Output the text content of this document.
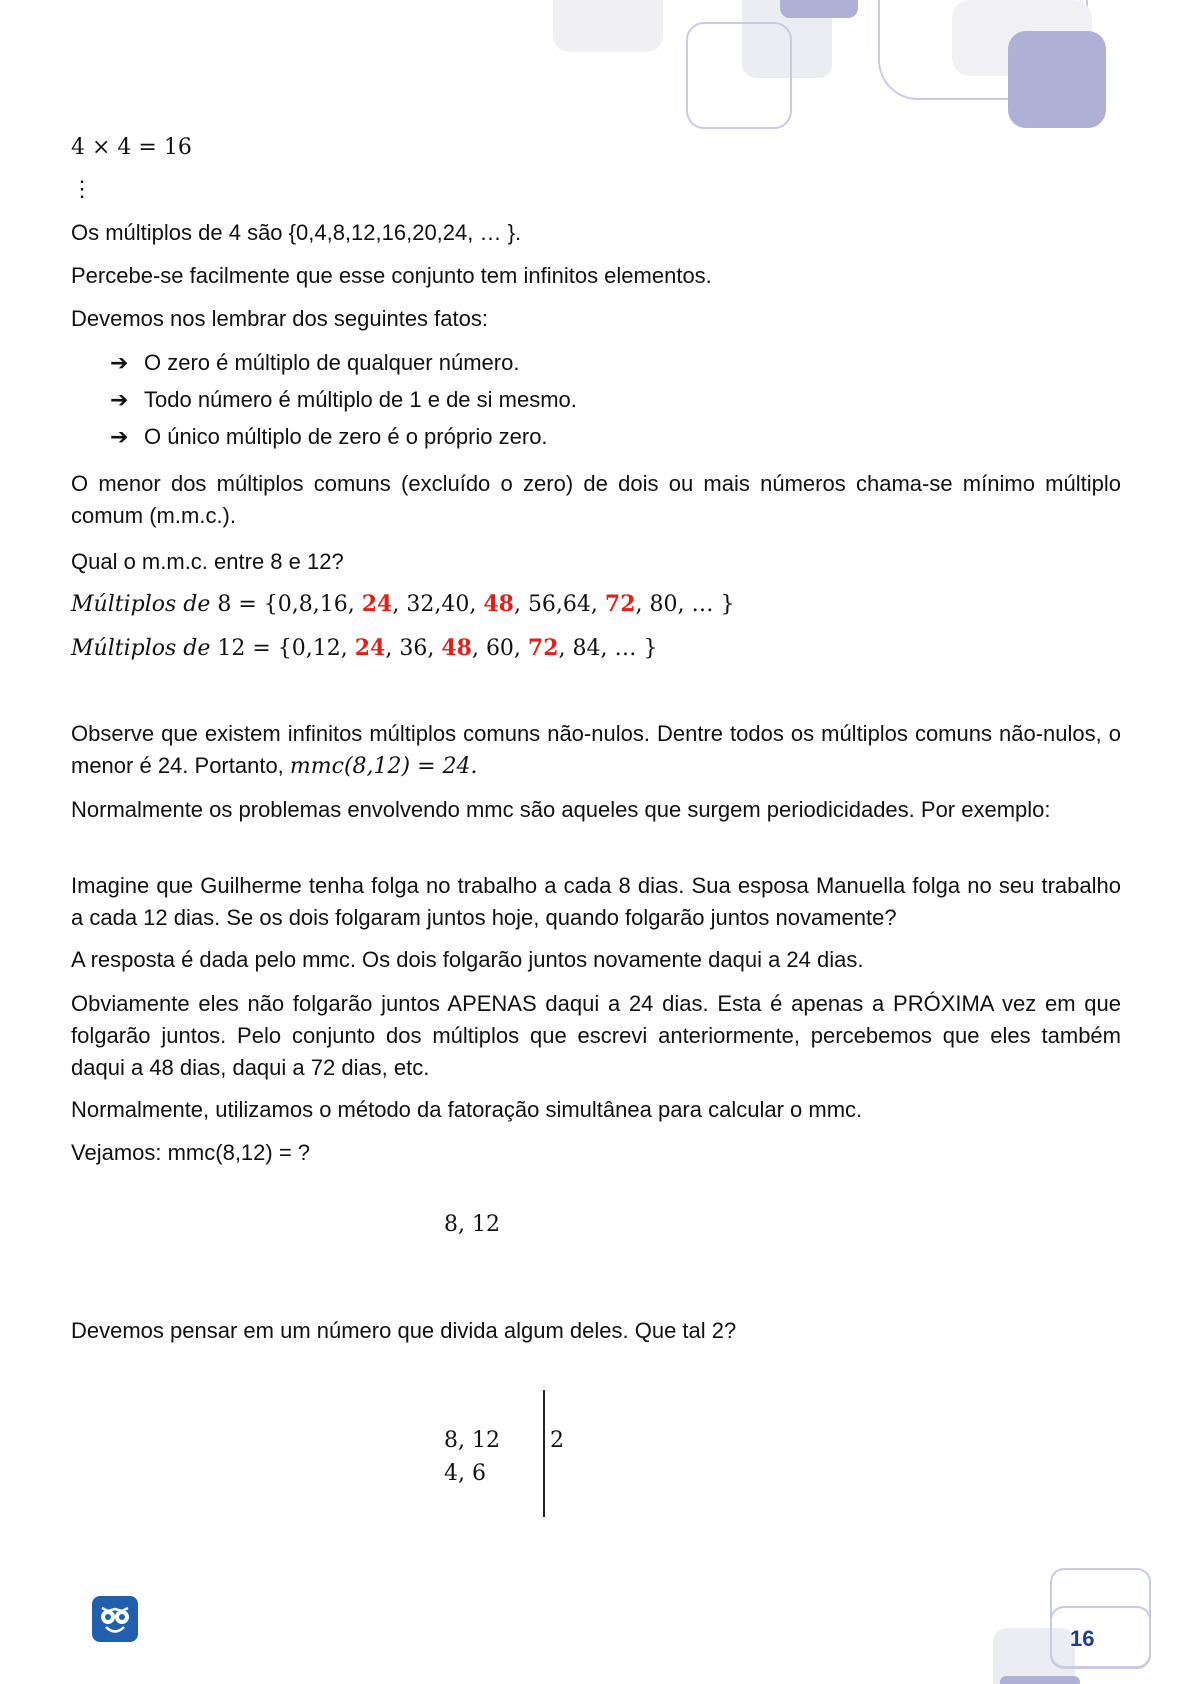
4 × 4 = 16
⋮
Os múltiplos de 4 são {0,4,8,12,16,20,24, … }.
Percebe-se facilmente que esse conjunto tem infinitos elementos.
Devemos nos lembrar dos seguintes fatos:
➔ O zero é múltiplo de qualquer número.
➔ Todo número é múltiplo de 1 e de si mesmo.
➔ O único múltiplo de zero é o próprio zero.
O menor dos múltiplos comuns (excluído o zero) de dois ou mais números chama-se mínimo múltiplo comum (m.m.c.).
Qual o m.m.c. entre 8 e 12?
Múltiplos de 8 = {0,8,16, 24, 32,40, 48, 56,64, 72, 80, … }
Múltiplos de 12 = {0,12, 24, 36, 48, 60, 72, 84, … }
Observe que existem infinitos múltiplos comuns não-nulos. Dentre todos os múltiplos comuns não-nulos, o menor é 24. Portanto, mmc(8,12) = 24.
Normalmente os problemas envolvendo mmc são aqueles que surgem periodicidades. Por exemplo:
Imagine que Guilherme tenha folga no trabalho a cada 8 dias. Sua esposa Manuella folga no seu trabalho a cada 12 dias. Se os dois folgaram juntos hoje, quando folgarão juntos novamente?
A resposta é dada pelo mmc. Os dois folgarão juntos novamente daqui a 24 dias.
Obviamente eles não folgarão juntos APENAS daqui a 24 dias. Esta é apenas a PRÓXIMA vez em que folgarão juntos. Pelo conjunto dos múltiplos que escrevi anteriormente, percebemos que eles também daqui a 48 dias, daqui a 72 dias, etc.
Normalmente, utilizamos o método da fatoração simultânea para calcular o mmc.
Vejamos: mmc(8,12) = ?
8, 12
Devemos pensar em um número que divida algum deles. Que tal 2?
8, 12
4, 6
2
16
